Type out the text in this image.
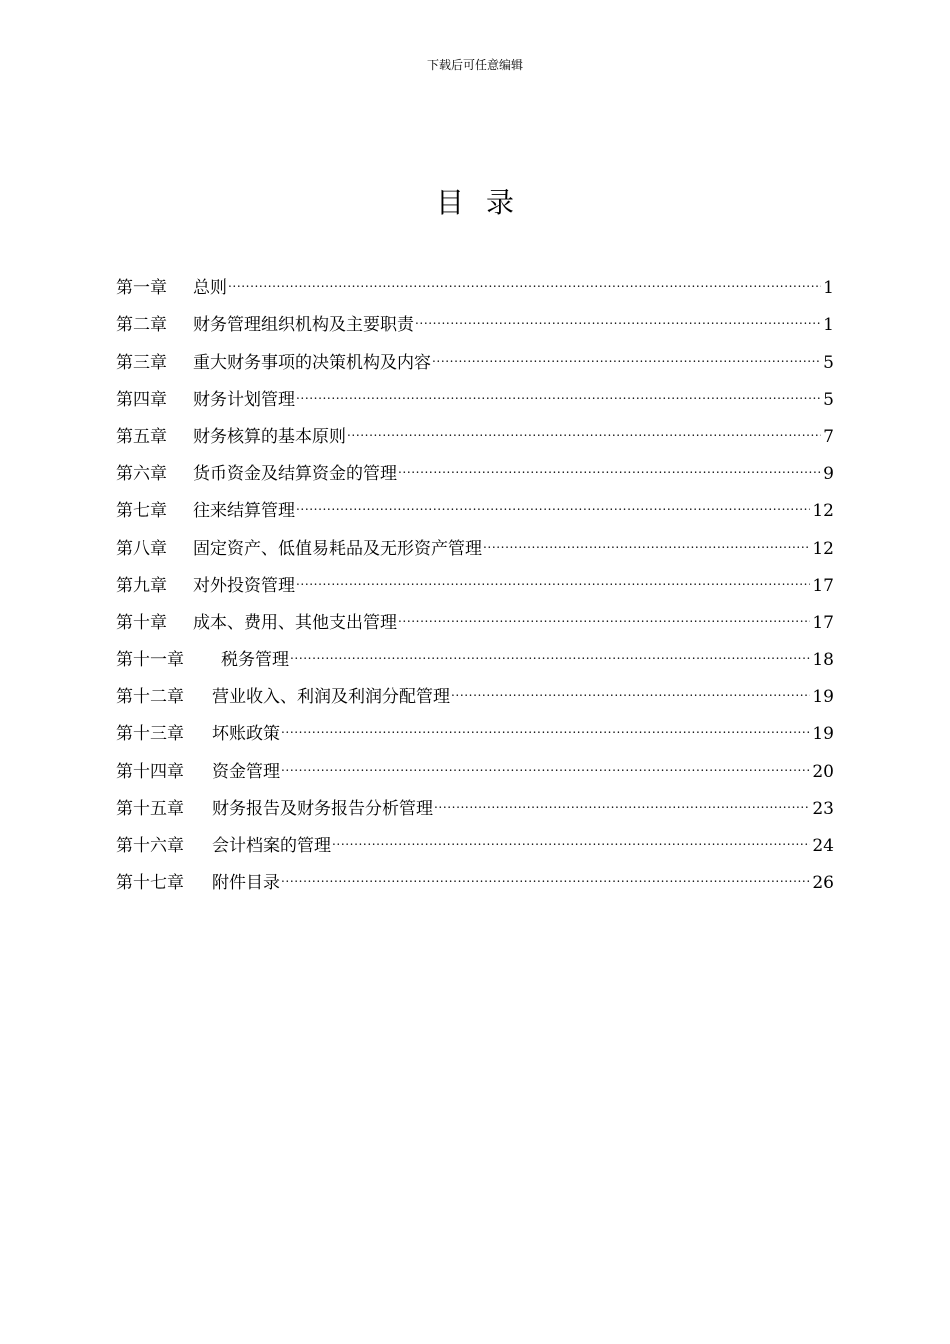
下载后可任意编辑
目录
第一章	总则 .....	1
第二章	财务管理组织机构及主要职责 .....	1
第三章	重大财务事项的决策机构及内容 .....	5
第四章	财务计划管理 .....	5
第五章	财务核算的基本原则 .....	7
第六章	货币资金及结算资金的管理 .....	9
第七章	往来结算管理 .....	12
第八章	固定资产、低值易耗品及无形资产管理 .....	12
第九章	对外投资管理 .....	17
第十章	成本、费用、其他支出管理 .....	17
第十一章	税务管理 .....	18
第十二章	营业收入、利润及利润分配管理 .....	19
第十三章	坏账政策 .....	19
第十四章	资金管理 .....	20
第十五章	财务报告及财务报告分析管理 .....	23
第十六章	会计档案的管理 .....	24
第十七章	附件目录 .....	26
